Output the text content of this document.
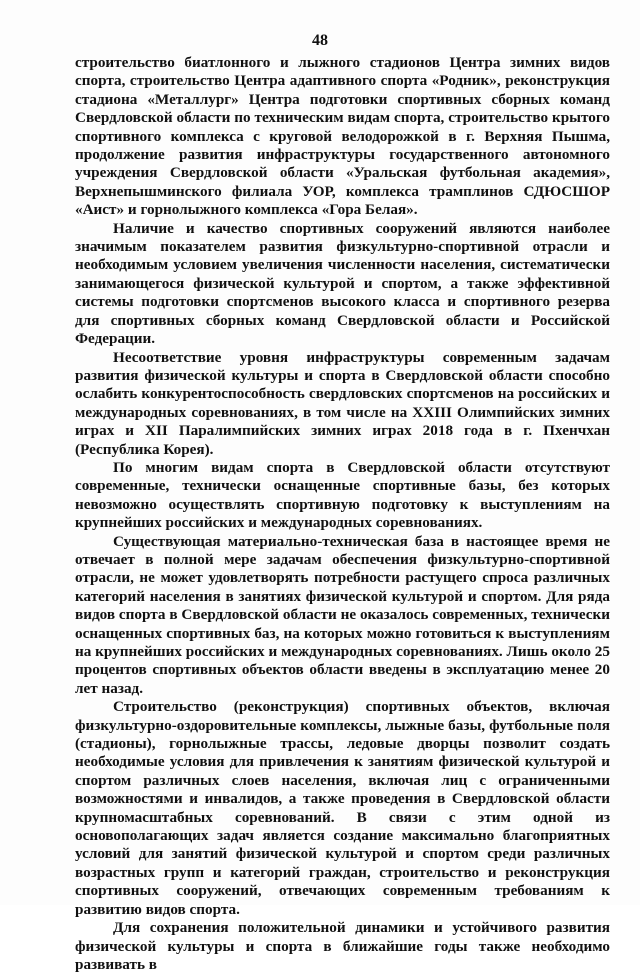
48

строительство биатлонного и лыжного стадионов Центра зимних видов спорта, строительство Центра адаптивного спорта «Родник», реконструкция стадиона «Металлург» Центра подготовки спортивных сборных команд Свердловской области по техническим видам спорта, строительство крытого спортивного комплекса с круговой велодорожкой в г. Верхняя Пышма, продолжение развития инфраструктуры государственного автономного учреждения Свердловской области «Уральская футбольная академия», Верхнепышминского филиала УОР, комплекса трамплинов СДЮСШОР «Аист» и горнолыжного комплекса «Гора Белая».

Наличие и качество спортивных сооружений являются наиболее значимым показателем развития физкультурно-спортивной отрасли и необходимым условием увеличения численности населения, систематически занимающегося физической культурой и спортом, а также эффективной системы подготовки спортсменов высокого класса и спортивного резерва для спортивных сборных команд Свердловской области и Российской Федерации.

Несоответствие уровня инфраструктуры современным задачам развития физической культуры и спорта в Свердловской области способно ослабить конкурентоспособность свердловских спортсменов на российских и международных соревнованиях, в том числе на XXIII Олимпийских зимних играх и XII Паралимпийских зимних играх 2018 года в г. Пхенчхан (Республика Корея).

По многим видам спорта в Свердловской области отсутствуют современные, технически оснащенные спортивные базы, без которых невозможно осуществлять спортивную подготовку к выступлениям на крупнейших российских и международных соревнованиях.

Существующая материально-техническая база в настоящее время не отвечает в полной мере задачам обеспечения физкультурно-спортивной отрасли, не может удовлетворять потребности растущего спроса различных категорий населения в занятиях физической культурой и спортом. Для ряда видов спорта в Свердловской области не оказалось современных, технически оснащенных спортивных баз, на которых можно готовиться к выступлениям на крупнейших российских и международных соревнованиях. Лишь около 25 процентов спортивных объектов области введены в эксплуатацию менее 20 лет назад.

Строительство (реконструкция) спортивных объектов, включая физкультурно-оздоровительные комплексы, лыжные базы, футбольные поля (стадионы), горнолыжные трассы, ледовые дворцы позволит создать необходимые условия для привлечения к занятиям физической культурой и спортом различных слоев населения, включая лиц с ограниченными возможностями и инвалидов, а также проведения в Свердловской области крупномасштабных соревнований. В связи с этим одной из основополагающих задач является создание максимально благоприятных условий для занятий физической культурой и спортом среди различных возрастных групп и категорий граждан, строительство и реконструкция спортивных сооружений, отвечающих современным требованиям к развитию видов спорта.

Для сохранения положительной динамики и устойчивого развития физической культуры и спорта в ближайшие годы также необходимо развивать в
